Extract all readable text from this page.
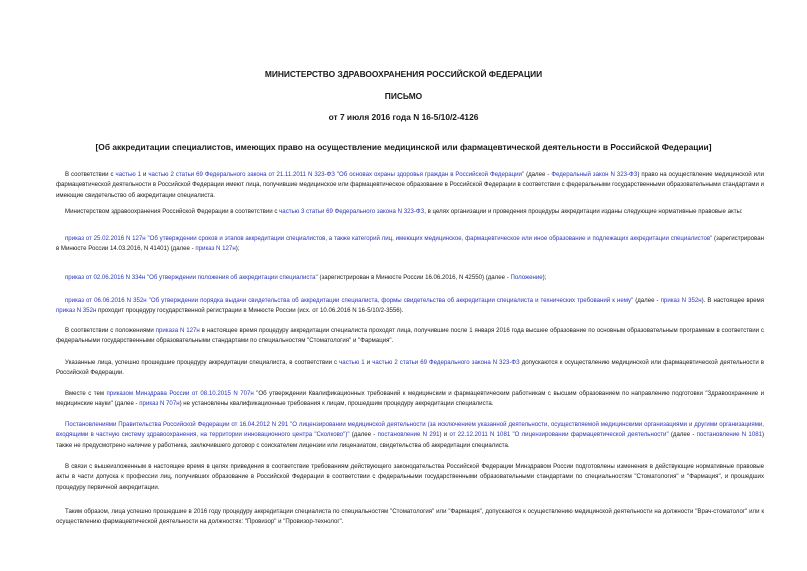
МИНИСТЕРСТВО ЗДРАВООХРАНЕНИЯ РОССИЙСКОЙ ФЕДЕРАЦИИ
ПИСЬМО
от 7 июля 2016 года N 16-5/10/2-4126
[Об аккредитации специалистов, имеющих право на осуществление медицинской или фармацевтической деятельности в Российской Федерации]

В соответствии с частью 1 и частью 2 статьи 69 Федерального закона от 21.11.2011 N 323-ФЗ "Об основах охраны здоровья граждан в Российской Федерации" (далее - Федеральный закон N 323-ФЗ) право на осуществление медицинской или фармацевтической деятельности в Российской Федерации имеют лица, получившие медицинское или фармацевтическое образование в Российской Федерации в соответствии с федеральными государственными образовательными стандартами и имеющие свидетельство об аккредитации специалиста.

Министерством здравоохранения Российской Федерации в соответствии с частью 3 статьи 69 Федерального закона N 323-ФЗ, в целях организации и проведения процедуры аккредитации изданы следующие нормативные правовые акты:

приказ от 25.02.2016 N 127н "Об утверждении сроков и этапов аккредитации специалистов, а также категорий лиц, имеющих медицинское, фармацевтическое или иное образование и подлежащих аккредитации специалистов" (зарегистрирован в Минюсте России 14.03.2016, N 41401) (далее - приказ N 127н);

приказ от 02.06.2016 N 334н "Об утверждении положения об аккредитации специалиста" (зарегистрирован в Минюсте России 16.06.2016, N 42550) (далее - Положение);

приказ от 06.06.2016 N 352н "Об утверждении порядка выдачи свидетельства об аккредитации специалиста, формы свидетельства об аккредитации специалиста и технических требований к нему" (далее - приказ N 352н). В настоящее время приказ N 352н проходит процедуру государственной регистрации в Минюсте России (исх. от 10.06.2016 N 16-5/10/2-3556).

В соответствии с положениями приказа N 127н в настоящее время процедуру аккредитации специалиста проходят лица, получившие после 1 января 2016 года высшее образование по основным образовательным программам в соответствии с федеральными государственными образовательными стандартами по специальностям "Стоматология" и "Фармация".

Указанные лица, успешно прошедшие процедуру аккредитации специалиста, в соответствии с частью 1 и частью 2 статьи 69 Федерального закона N 323-ФЗ допускаются к осуществлению медицинской или фармацевтической деятельности в Российской Федерации.

Вместе с тем приказом Минздрава России от 08.10.2015 N 707н "Об утверждении Квалификационных требований к медицинским и фармацевтическим работникам с высшим образованием по направлению подготовки "Здравоохранение и медицинские науки" (далее - приказ N 707н) не установлены квалификационные требования к лицам, прошедшим процедуру аккредитации специалиста.

Постановлениями Правительства Российской Федерации от 16.04.2012 N 291 "О лицензировании медицинской деятельности (за исключением указанной деятельности, осуществляемой медицинскими организациями и другими организациями, входящими в частную систему здравоохранения, на территории инновационного центра "Сколково")" (далее - постановление N 291) и от 22.12.2011 N 1081 "О лицензировании фармацевтической деятельности" (далее - постановление N 1081) также не предусмотрено наличие у работника, заключившего договор с соискателем лицензии или лицензиатом, свидетельства об аккредитации специалиста.

В связи с вышеизложенным в настоящее время в целях приведения в соответствие требованиям действующего законодательства Российской Федерации Минздравом России подготовлены изменения в действующие нормативные правовые акты в части допуска к профессии лиц, получивших образование в Российской Федерации в соответствии с федеральными государственными образовательными стандартами по специальностям "Стоматология" и "Фармация", и прошедших процедуру первичной аккредитации.

Таким образом, лица успешно прошедшие в 2016 году процедуру аккредитации специалиста по специальностям "Стоматология" или "Фармация", допускаются к осуществлению медицинской деятельности на должности "Врач-стоматолог" или к осуществлению фармацевтической деятельности на должностях: "Провизор" и "Провизор-технолог".
